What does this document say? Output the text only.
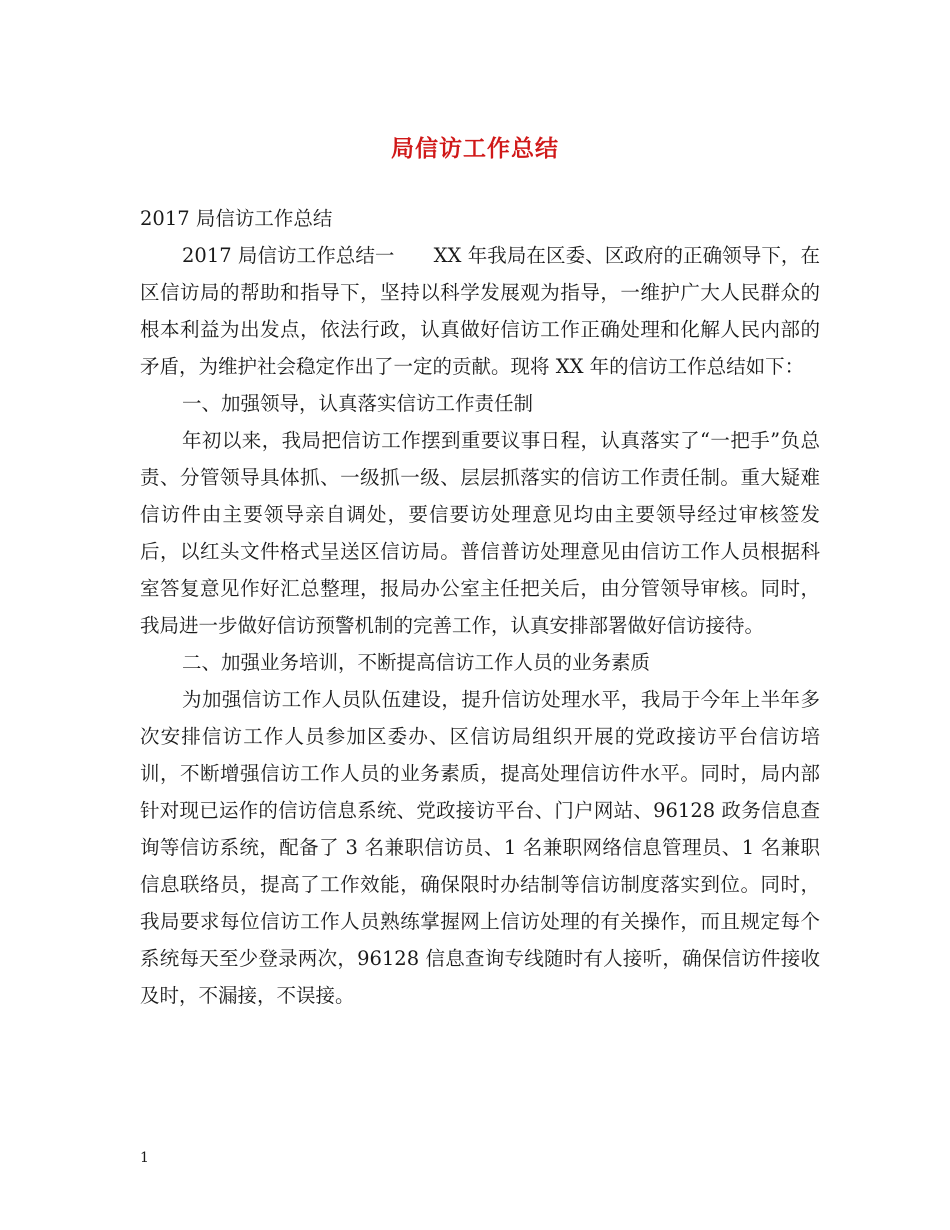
局信访工作总结

2017 局信访工作总结

2017 局信访工作总结一　　XX 年我局在区委、区政府的正确领导下，在区信访局的帮助和指导下，坚持以科学发展观为指导，一维护广大人民群众的根本利益为出发点，依法行政，认真做好信访工作正确处理和化解人民内部的矛盾，为维护社会稳定作出了一定的贡献。现将 XX 年的信访工作总结如下：

一、加强领导，认真落实信访工作责任制

年初以来，我局把信访工作摆到重要议事日程，认真落实了“一把手”负总责、分管领导具体抓、一级抓一级、层层抓落实的信访工作责任制。重大疑难信访件由主要领导亲自调处，要信要访处理意见均由主要领导经过审核签发后，以红头文件格式呈送区信访局。普信普访处理意见由信访工作人员根据科室答复意见作好汇总整理，报局办公室主任把关后，由分管领导审核。同时，我局进一步做好信访预警机制的完善工作，认真安排部署做好信访接待。

二、加强业务培训，不断提高信访工作人员的业务素质

为加强信访工作人员队伍建设，提升信访处理水平，我局于今年上半年多次安排信访工作人员参加区委办、区信访局组织开展的党政接访平台信访培训，不断增强信访工作人员的业务素质，提高处理信访件水平。同时，局内部针对现已运作的信访信息系统、党政接访平台、门户网站、96128 政务信息查询等信访系统，配备了 3 名兼职信访员、1 名兼职网络信息管理员、1 名兼职信息联络员，提高了工作效能，确保限时办结制等信访制度落实到位。同时，我局要求每位信访工作人员熟练掌握网上信访处理的有关操作，而且规定每个系统每天至少登录两次，96128 信息查询专线随时有人接听，确保信访件接收及时，不漏接，不误接。

1
